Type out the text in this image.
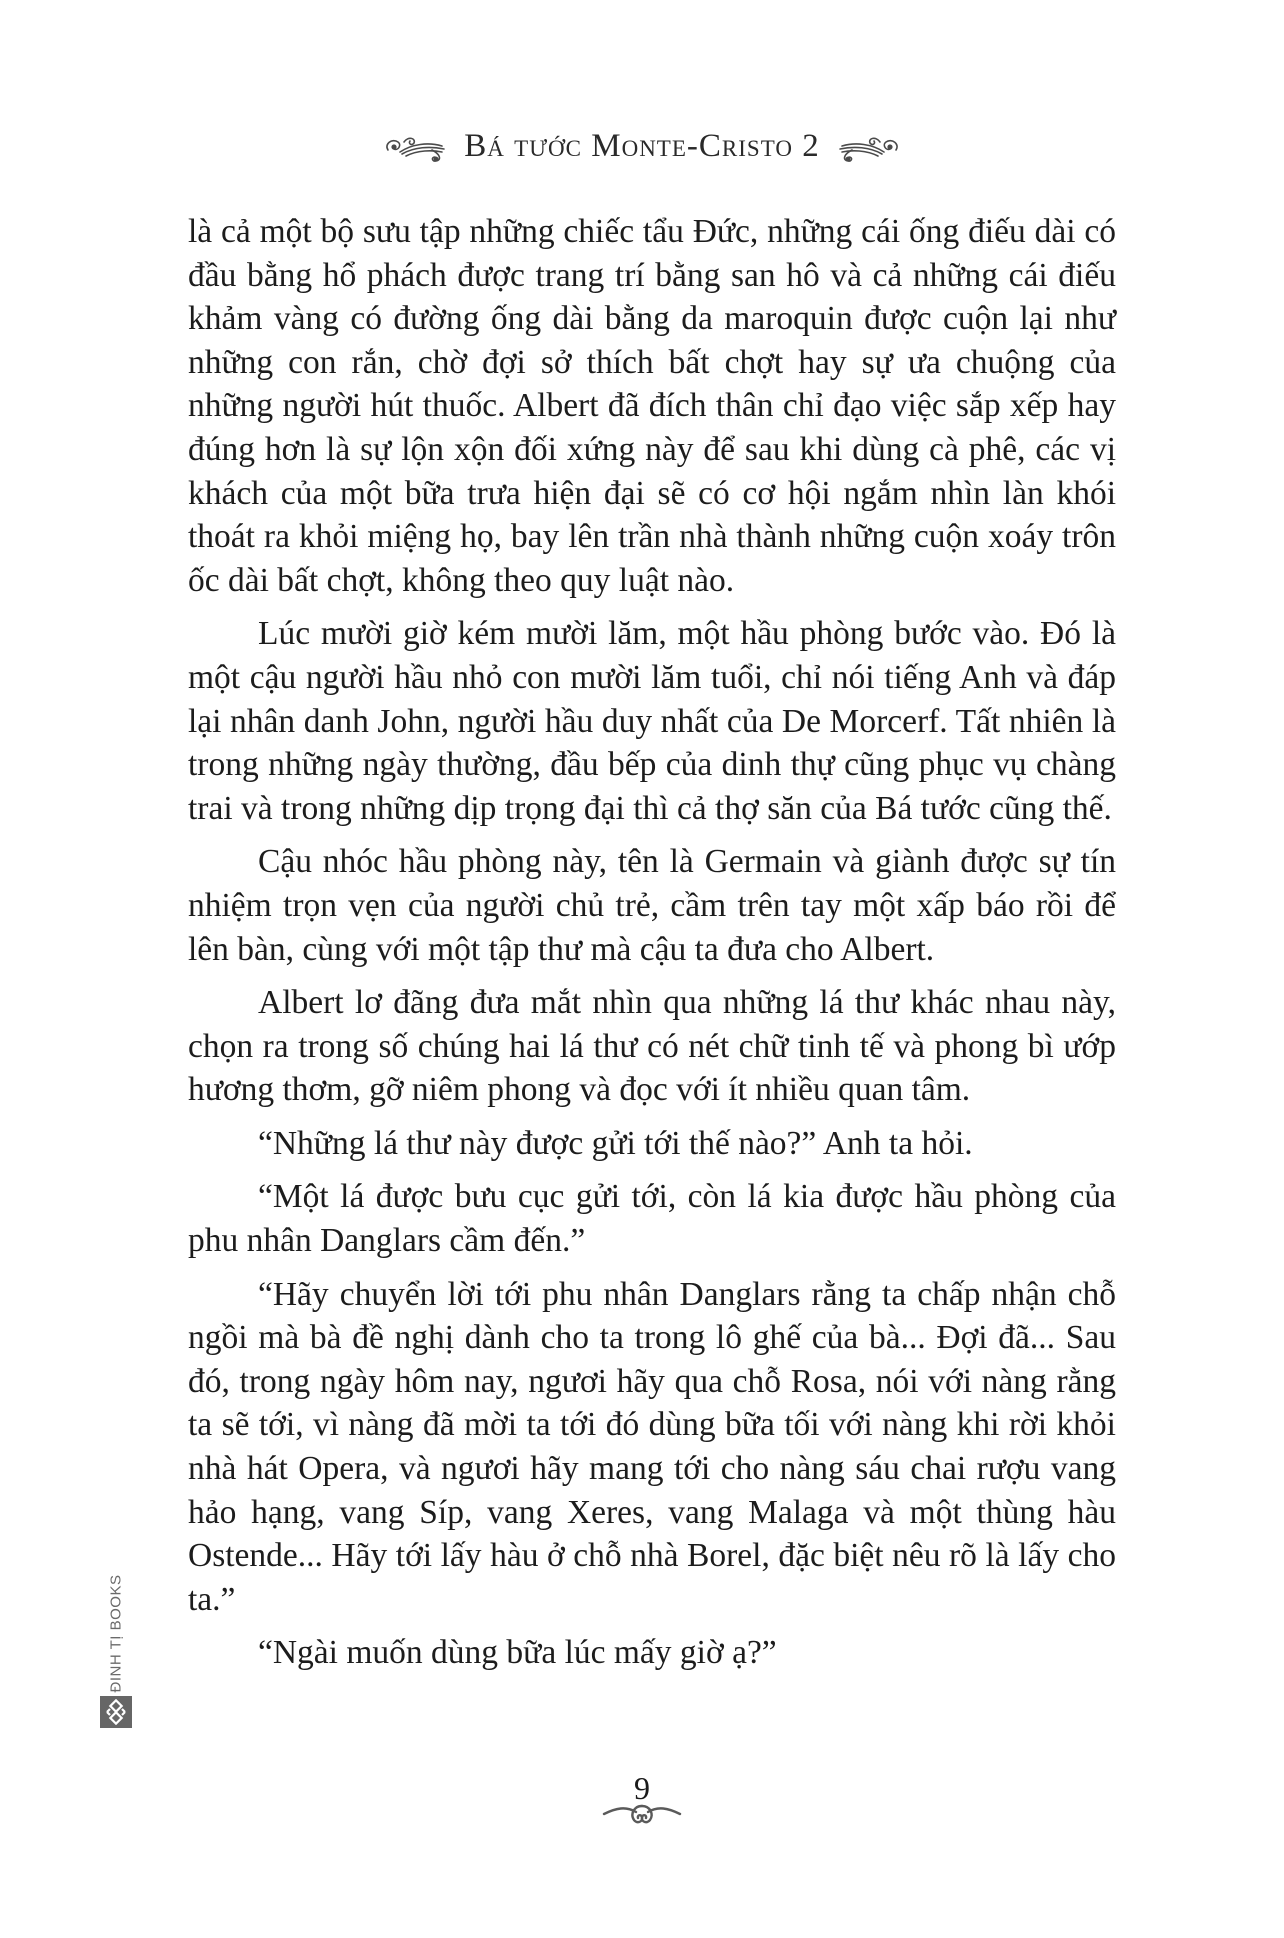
Bá tước Monte-Cristo 2

là cả một bộ sưu tập những chiếc tẩu Đức, những cái ống điếu dài có đầu bằng hổ phách được trang trí bằng san hô và cả những cái điếu khảm vàng có đường ống dài bằng da maroquin được cuộn lại như những con rắn, chờ đợi sở thích bất chợt hay sự ưa chuộng của những người hút thuốc. Albert đã đích thân chỉ đạo việc sắp xếp hay đúng hơn là sự lộn xộn đối xứng này để sau khi dùng cà phê, các vị khách của một bữa trưa hiện đại sẽ có cơ hội ngắm nhìn làn khói thoát ra khỏi miệng họ, bay lên trần nhà thành những cuộn xoáy trôn ốc dài bất chợt, không theo quy luật nào.

Lúc mười giờ kém mười lăm, một hầu phòng bước vào. Đó là một cậu người hầu nhỏ con mười lăm tuổi, chỉ nói tiếng Anh và đáp lại nhân danh John, người hầu duy nhất của De Morcerf. Tất nhiên là trong những ngày thường, đầu bếp của dinh thự cũng phục vụ chàng trai và trong những dịp trọng đại thì cả thợ săn của Bá tước cũng thế.

Cậu nhóc hầu phòng này, tên là Germain và giành được sự tín nhiệm trọn vẹn của người chủ trẻ, cầm trên tay một xấp báo rồi để lên bàn, cùng với một tập thư mà cậu ta đưa cho Albert.

Albert lơ đãng đưa mắt nhìn qua những lá thư khác nhau này, chọn ra trong số chúng hai lá thư có nét chữ tinh tế và phong bì ướp hương thơm, gỡ niêm phong và đọc với ít nhiều quan tâm.

“Những lá thư này được gửi tới thế nào?” Anh ta hỏi.

“Một lá được bưu cục gửi tới, còn lá kia được hầu phòng của phu nhân Danglars cầm đến.”

“Hãy chuyển lời tới phu nhân Danglars rằng ta chấp nhận chỗ ngồi mà bà đề nghị dành cho ta trong lô ghế của bà... Đợi đã... Sau đó, trong ngày hôm nay, ngươi hãy qua chỗ Rosa, nói với nàng rằng ta sẽ tới, vì nàng đã mời ta tới đó dùng bữa tối với nàng khi rời khỏi nhà hát Opera, và ngươi hãy mang tới cho nàng sáu chai rượu vang hảo hạng, vang Síp, vang Xeres, vang Malaga và một thùng hàu Ostende... Hãy tới lấy hàu ở chỗ nhà Borel, đặc biệt nêu rõ là lấy cho ta.”

“Ngài muốn dùng bữa lúc mấy giờ ạ?”

ĐINH TỊ BOOKS
9
